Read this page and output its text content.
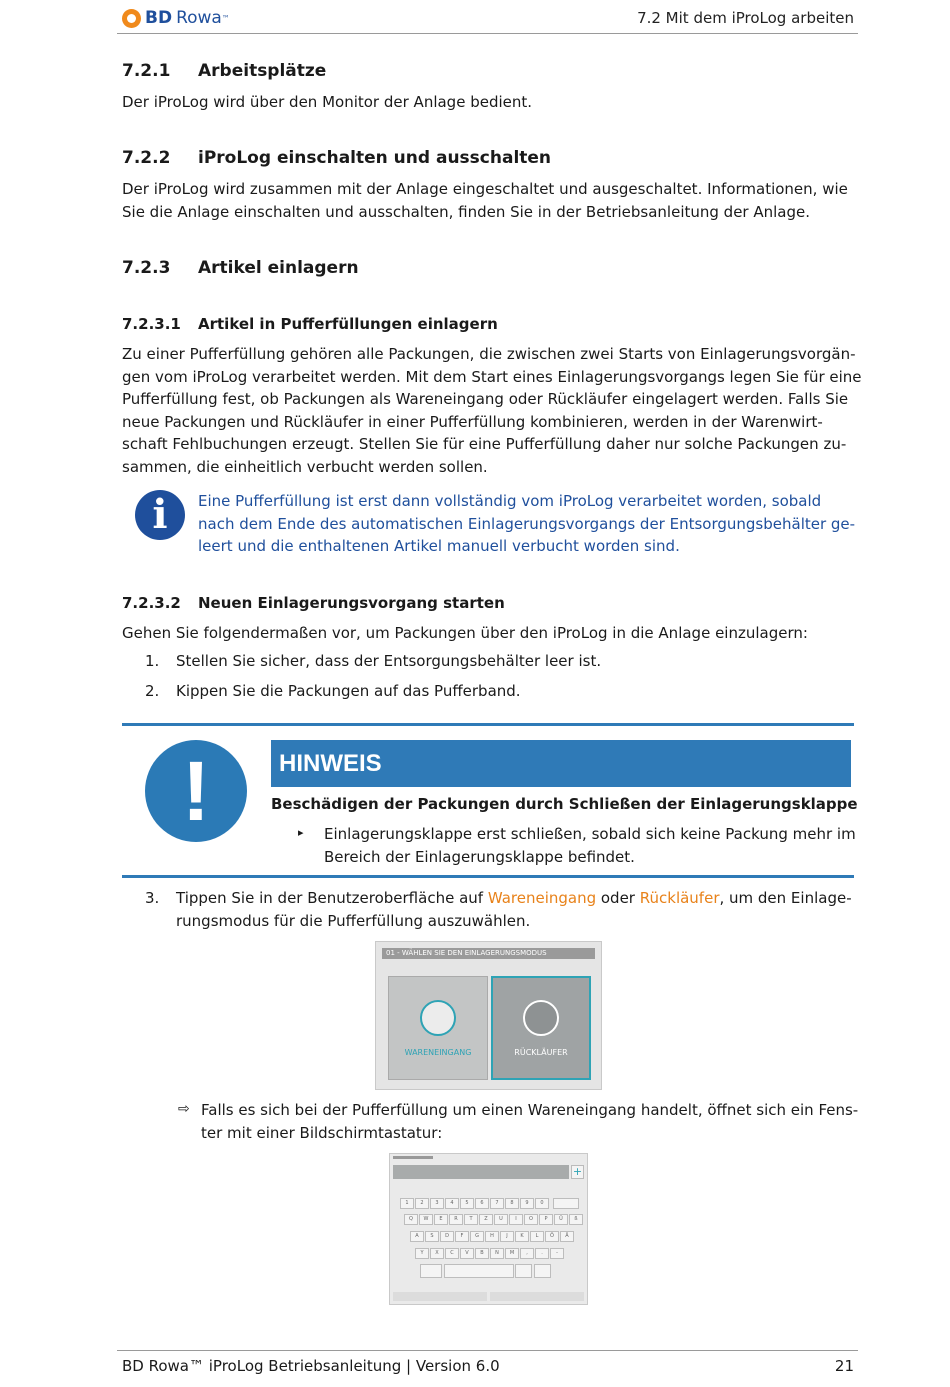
BD Rowa ™	7.2 Mit dem iProLog arbeiten
7.2.1 Arbeitsplätze
Der iProLog wird über den Monitor der Anlage bedient.
7.2.2 iProLog einschalten und ausschalten
Der iProLog wird zusammen mit der Anlage eingeschaltet und ausgeschaltet. Informationen, wie
Sie die Anlage einschalten und ausschalten, finden Sie in der Betriebsanleitung der Anlage.
7.2.3 Artikel einlagern
7.2.3.1 Artikel in Pufferfüllungen einlagern
Zu einer Pufferfüllung gehören alle Packungen, die zwischen zwei Starts von Einlagerungsvorgän-
gen vom iProLog verarbeitet werden. Mit dem Start eines Einlagerungsvorgangs legen Sie für eine
Pufferfüllung fest, ob Packungen als Wareneingang oder Rückläufer eingelagert werden. Falls Sie
neue Packungen und Rückläufer in einer Pufferfüllung kombinieren, werden in der Warenwirt-
schaft Fehlbuchungen erzeugt. Stellen Sie für eine Pufferfüllung daher nur solche Packungen zu-
sammen, die einheitlich verbucht werden sollen.
i	Eine Pufferfüllung ist erst dann vollständig vom iProLog verarbeitet worden, sobald
nach dem Ende des automatischen Einlagerungsvorgangs der Entsorgungsbehälter ge-
leert und die enthaltenen Artikel manuell verbucht worden sind.
7.2.3.2 Neuen Einlagerungsvorgang starten
Gehen Sie folgendermaßen vor, um Packungen über den iProLog in die Anlage einzulagern:
1. Stellen Sie sicher, dass der Entsorgungsbehälter leer ist.
2. Kippen Sie die Packungen auf das Pufferband.
!	HINWEIS
Beschädigen der Packungen durch Schließen der Einlagerungsklappe
▸ Einlagerungsklappe erst schließen, sobald sich keine Packung mehr im
Bereich der Einlagerungsklappe befindet.
3. Tippen Sie in der Benutzeroberfläche auf Wareneingang oder Rückläufer, um den Einlage-
rungsmodus für die Pufferfüllung auszuwählen.
01 - WÄHLEN SIE DEN EINLAGERUNGSMODUS
WARENEINGANG	RÜCKLÄUFER
⇨ Falls es sich bei der Pufferfüllung um einen Wareneingang handelt, öffnet sich ein Fens-
ter mit einer Bildschirmtastatur:
+
1	2	3	4	5	6	7	8	9	0
Q	W	E	R	T	Z	U	I	O	P	Ü	ß
A	S	D	F	G	H	J	K	L	Ö	Ä
Y	X	C	V	B	N	M	,	.	-
BD Rowa™ iProLog Betriebsanleitung | Version 6.0	21
